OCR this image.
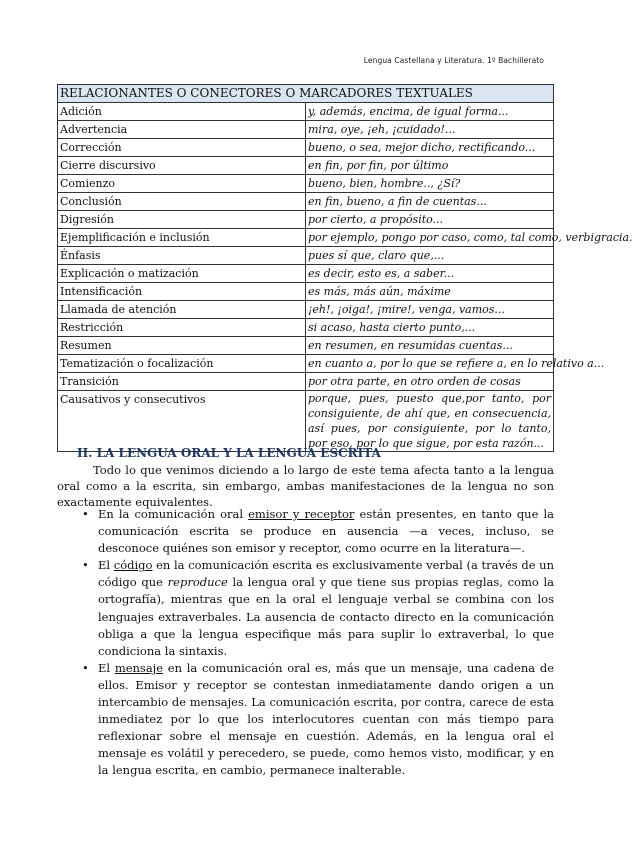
Lengua Castellana y Literatura. 1º Bachillerato
RELACIONANTES O CONECTORES O MARCADORES TEXTUALES	
Adición	y, además, encima, de igual forma...
Advertencia	mira, oye, ¡eh, ¡cuidado!...
Corrección	bueno, o sea, mejor dicho, rectificando...
Cierre discursivo	en fin, por fin, por último
Comienzo	bueno, bien, hombre.., ¿Sí?
Conclusión	en fin, bueno, a fin de cuentas...
Digresión	por cierto, a propósito...
Ejemplificación e inclusión	por ejemplo, pongo por caso, como, tal como, verbigracia.
Énfasis	pues sí que, claro que,...
Explicación o matización	es decir, esto es, a saber...
Intensificación	es más, más aún, máxime
Llamada de atención	¡eh!, ¡oiga!, ¡mire!, venga, vamos...
Restricción	si acaso, hasta cierto punto,...
Resumen	en resumen, en resumidas cuentas...
Tematización o focalización	en cuanto a, por lo que se refiere a, en lo relativo a...
Transición	por otra parte, en otro orden de cosas
Causativos y consecutivos	porque, pues, puesto que,por tanto, por consiguiente, de ahí que, en consecuencia, así pues, por consiguiente, por lo tanto, por eso, por lo que sigue, por esta razón...
II. LA LENGUA ORAL Y LA LENGUA ESCRITA

Todo lo que venimos diciendo a lo largo de este tema afecta tanto a la lengua oral como a la escrita, sin embargo, ambas manifestaciones de la lengua no son exactamente equivalentes.

• En la comunicación oral emisor y receptor están presentes, en tanto que la comunicación escrita se produce en ausencia —a veces, incluso, se desconoce quiénes son emisor y receptor, como ocurre en la literatura—.
• El código en la comunicación escrita es exclusivamente verbal (a través de un código que reproduce la lengua oral y que tiene sus propias reglas, como la ortografía), mientras que en la oral el lenguaje verbal se combina con los lenguajes extraverbales. La ausencia de contacto directo en la comunicación obliga a que la lengua especifique más para suplir lo extraverbal, lo que condiciona la sintaxis.
• El mensaje en la comunicación oral es, más que un mensaje, una cadena de ellos. Emisor y receptor se contestan inmediatamente dando origen a un intercambio de mensajes. La comunicación escrita, por contra, carece de esta inmediatez por lo que los interlocutores cuentan con más tiempo para reflexionar sobre el mensaje en cuestión. Además, en la lengua oral el mensaje es volátil y perecedero, se puede, como hemos visto, modificar, y en la lengua escrita, en cambio, permanece inalterable.
